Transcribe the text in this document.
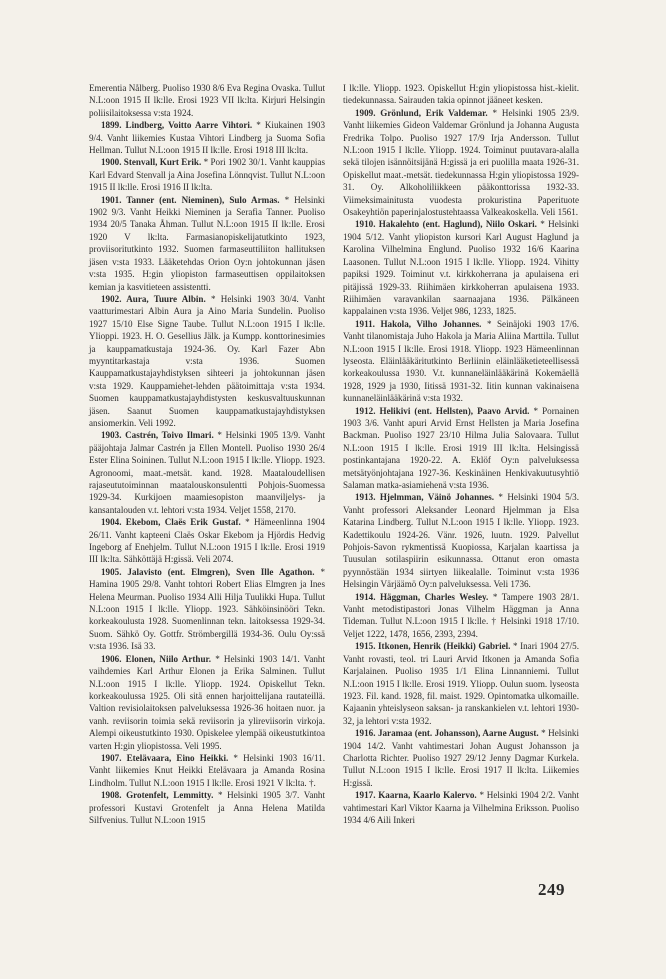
Emerentia Nålberg. Puoliso 1930 8/6 Eva Regina Ovaska. Tullut N.L:oon 1915 II lk:lle. Erosi 1923 VII lk:lta. Kirjuri Helsingin poliisilaitoksessa v:sta 1924.

1899. Lindberg, Voitto Aarre Vihtori. * Kiukainen 1903 9/4. Vanht liikemies Kustaa Vihtori Lindberg ja Suoma Sofia Hellman. Tullut N.L:oon 1915 II lk:lle. Erosi 1918 III lk:lta.

1900. Stenvall, Kurt Erik. * Pori 1902 30/1. Vanht kauppias Karl Edvard Stenvall ja Aina Josefina Lönnqvist. Tullut N.L:oon 1915 II lk:lle. Erosi 1916 II lk:lta.

1901. Tanner (ent. Nieminen), Sulo Armas. * Helsinki 1902 9/3. Vanht Heikki Nieminen ja Serafia Tanner. Puoliso 1934 20/5 Tanaka Åhman. Tullut N.L:oon 1915 II lk:lle. Erosi 1920 V lk:lta. Farmasianopiskelijatutkinto 1923, proviisoritutkinto 1932. Suomen farmaseuttiliiton hallituksen jäsen v:sta 1933. Lääketehdas Orion Oy:n johtokunnan jäsen v:sta 1935. H:gin yliopiston farmaseuttisen oppilaitoksen kemian ja kasvitieteen assistentti.

1902. Aura, Tuure Albin. * Helsinki 1903 30/4. Vanht vaatturimestari Albin Aura ja Aino Maria Sundelin. Puoliso 1927 15/10 Else Signe Taube. Tullut N.L:oon 1915 I lk:lle. Ylioppi. 1923. H. O. Gesellius Jälk. ja Kumpp. konttorinesimies ja kauppamatkustaja 1924-36. Oy. Karl Fazer Abn myyntitarkastaja v:sta 1936. Suomen Kauppamatkustajayhdistyksen sihteeri ja johtokunnan jäsen v:sta 1929. Kauppamiehet-lehden päätoimittaja v:sta 1934. Suomen kauppamatkustajayhdistysten keskusvaltuuskunnan jäsen. Saanut Suomen kauppamatkustajayhdistyksen ansiomerkin. Veli 1992.

1903. Castrén, Toivo Ilmari. * Helsinki 1905 13/9. Vanht pääjohtaja Jalmar Castrén ja Ellen Montell. Puoliso 1930 26/4 Ester Elina Soininen. Tullut N.L:oon 1915 I lk:lle. Yliopp. 1923. Agronoomi, maat.-metsät. kand. 1928. Maataloudellisen rajaseututoiminnan maatalouskonsulentti Pohjois-Suomessa 1929-34. Kurkijoen maamiesopiston maanviljelys- ja kansantalouden v.t. lehtori v:sta 1934. Veljet 1558, 2170.

1904. Ekebom, Claës Erik Gustaf. * Hämeenlinna 1904 26/11. Vanht kapteeni Claës Oskar Ekebom ja Hjördis Hedvig Ingeborg af Enehjelm. Tullut N.L:oon 1915 I lk:lle. Erosi 1919 III lk:lta. Sähköttäjä H:gissä. Veli 2074.

1905. Jalavisto (ent. Elmgren), Sven Ille Agathon. * Hamina 1905 29/8. Vanht tohtori Robert Elias Elmgren ja Ines Helena Meurman. Puoliso 1934 Alli Hilja Tuulikki Hupa. Tullut N.L:oon 1915 I lk:lle. Yliopp. 1923. Sähköinsinööri Tekn. korkeakoulusta 1928. Suomenlinnan tekn. laitoksessa 1929-34. Suom. Sähkö Oy. Gottfr. Strömbergillä 1934-36. Oulu Oy:ssä v:sta 1936. Isä 33.

1906. Elonen, Niilo Arthur. * Helsinki 1903 14/1. Vanht vaihdemies Karl Arthur Elonen ja Erika Salminen. Tullut N.L:oon 1915 I lk:lle. Yliopp. 1924. Opiskellut Tekn. korkeakoulussa 1925. Oli sitä ennen harjoittelijana rautateillä. Valtion revisiolaitoksen palveluksessa 1926-36 hoitaen nuor. ja vanh. reviisorin toimia sekä reviisorin ja ylireviisorin virkoja. Alempi oikeustutkinto 1930. Opiskelee ylempää oikeustutkintoa varten H:gin yliopistossa. Veli 1995.

1907. Etelävaara, Eino Heikki. * Helsinki 1903 16/11. Vanht liikemies Knut Heikki Etelävaara ja Amanda Rosina Lindholm. Tullut N.L:oon 1915 I lk:lle. Erosi 1921 V lk:lta. †.

1908. Grotenfelt, Lemmitty. * Helsinki 1905 3/7. Vanht professori Kustavi Grotenfelt ja Anna Helena Matilda Silfvenius. Tullut N.L:oon 1915

I lk:lle. Yliopp. 1923. Opiskellut H:gin yliopistossa hist.-kielit. tiedekunnassa. Sairauden takia opinnot jääneet kesken.

1909. Grönlund, Erik Valdemar. * Helsinki 1905 23/9. Vanht liikemies Gideon Valdemar Grönlund ja Johanna Augusta Fredrika Tolpo. Puoliso 1927 17/9 Irja Andersson. Tullut N.L:oon 1915 I lk:lle. Yliopp. 1924. Toiminut puutavara-alalla sekä tilojen isännöitsijänä H:gissä ja eri puolilla maata 1926-31. Opiskellut maat.-metsät. tiedekunnassa H:gin yliopistossa 1929-31. Oy. Alkoholiliikkeen pääkonttorissa 1932-33. Viimeksimainitusta vuodesta prokuristina Paperituote Osakeyhtiön paperinjalostustehtaassa Valkeakoskella. Veli 1561.

1910. Hakalehto (ent. Haglund), Niilo Oskari. * Helsinki 1904 5/12. Vanht yliopiston kursori Karl August Haglund ja Karolina Vilhelmina Englund. Puoliso 1932 16/6 Kaarina Laasonen. Tullut N.L:oon 1915 I lk:lle. Yliopp. 1924. Vihitty papiksi 1929. Toiminut v.t. kirkkoherrana ja apulaisena eri pitäjissä 1929-33. Riihimäen kirkkoherran apulaisena 1933. Riihimäen varavankilan saarnaajana 1936. Pälkäneen kappalainen v:sta 1936. Veljet 986, 1233, 1825.

1911. Hakola, Vilho Johannes. * Seinäjoki 1903 17/6. Vanht tilanomistaja Juho Hakola ja Maria Aliina Marttila. Tullut N.L:oon 1915 I lk:lle. Erosi 1918. Yliopp. 1923 Hämeenlinnan lyseosta. Eläinlääkäritutkinto Berliinin eläinlääketieteellisessä korkeakoulussa 1930. V.t. kunnaneläinlääkärinä Kokemäellä 1928, 1929 ja 1930, Iitissä 1931-32. Iitin kunnan vakinaisena kunnaneläinlääkärinä v:sta 1932.

1912. Helikivi (ent. Hellsten), Paavo Arvid. * Pornainen 1903 3/6. Vanht apuri Arvid Ernst Hellsten ja Maria Josefina Backman. Puoliso 1927 23/10 Hilma Julia Salovaara. Tullut N.L:oon 1915 I lk:lle. Erosi 1919 III lk:lta. Helsingissä postinkantajana 1920-22. A. Eklöf Oy:n palveluksessa metsätyönjohtajana 1927-36. Keskinäinen Henkivakuutusyhtiö Salaman matka-asiamiehenä v:sta 1936.

1913. Hjelmman, Väinö Johannes. * Helsinki 1904 5/3. Vanht professori Aleksander Leonard Hjelmman ja Elsa Katarina Lindberg. Tullut N.L:oon 1915 I lk:lle. Yliopp. 1923. Kadettikoulu 1924-26. Vänr. 1926, luutn. 1929. Palvellut Pohjois-Savon rykmentissä Kuopiossa, Karjalan kaartissa ja Tuusulan sotilaspiirin esikunnassa. Ottanut eron omasta pyynnöstään 1934 siirtyen liikealalle. Toiminut v:sta 1936 Helsingin Värjäämö Oy:n palveluksessa. Veli 1736.

1914. Häggman, Charles Wesley. * Tampere 1903 28/1. Vanht metodistipastori Jonas Vilhelm Häggman ja Anna Tideman. Tullut N.L:oon 1915 I lk:lle. † Helsinki 1918 17/10. Veljet 1222, 1478, 1656, 2393, 2394.

1915. Itkonen, Henrik (Heikki) Gabriel. * Inari 1904 27/5. Vanht rovasti, teol. tri Lauri Arvid Itkonen ja Amanda Sofia Karjalainen. Puoliso 1935 1/1 Elina Linnanniemi. Tullut N.L:oon 1915 I lk:lle. Erosi 1919. Yliopp. Oulun suom. lyseosta 1923. Fil. kand. 1928, fil. maist. 1929. Opintomatka ulkomaille. Kajaanin yhteislyseon saksan- ja ranskankielen v.t. lehtori 1930-32, ja lehtori v:sta 1932.

1916. Jaramaa (ent. Johansson), Aarne August. * Helsinki 1904 14/2. Vanht vahtimestari Johan August Johansson ja Charlotta Richter. Puoliso 1927 29/12 Jenny Dagmar Kurkela. Tullut N.L:oon 1915 I lk:lle. Erosi 1917 II lk:lta. Liikemies H:gissä.

1917. Kaarna, Kaarlo Kalervo. * Helsinki 1904 2/2. Vanht vahtimestari Karl Viktor Kaarna ja Vilhelmina Eriksson. Puoliso 1934 4/6 Aili Inkeri

249
